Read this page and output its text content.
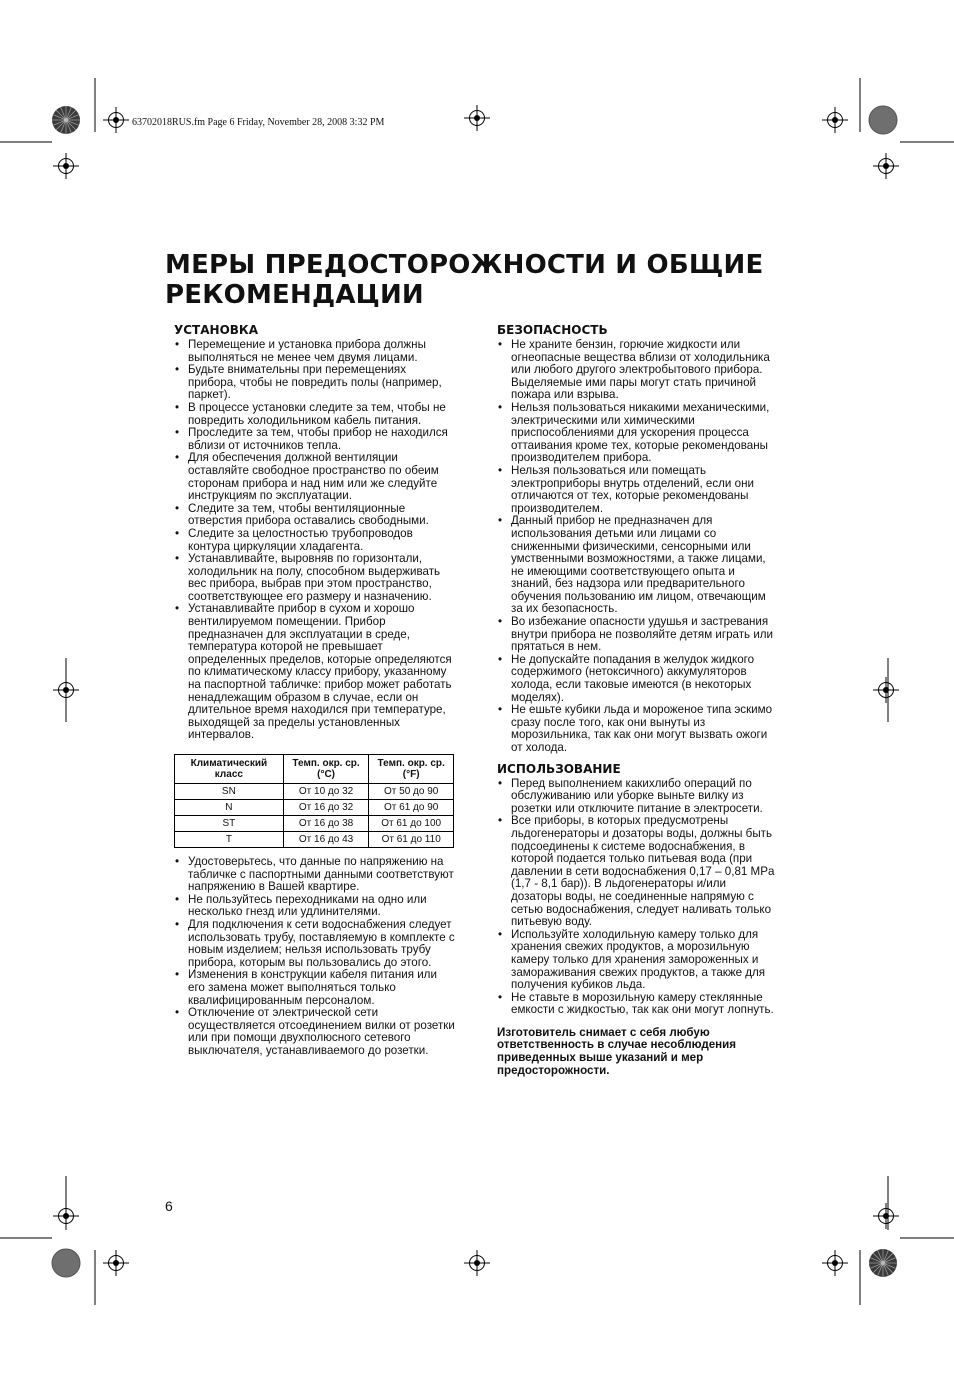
63702018RUS.fm Page 6 Friday, November 28, 2008 3:32 PM
МЕРЫ ПРЕДОСТОРОЖНОСТИ И ОБЩИЕ
РЕКОМЕНДАЦИИ
УСТАНОВКА
• Перемещение и установка прибора должны выполняться не менее чем двумя лицами.
• Будьте внимательны при перемещениях прибора, чтобы не повредить полы (например, паркет).
• В процессе установки следите за тем, чтобы не повредить холодильником кабель питания.
• Проследите за тем, чтобы прибор не находился вблизи от источников тепла.
• Для обеспечения должной вентиляции оставляйте свободное пространство по обеим сторонам прибора и над ним или же следуйте инструкциям по эксплуатации.
• Следите за тем, чтобы вентиляционные отверстия прибора оставались свободными.
• Следите за целостностью трубопроводов контура циркуляции хладагента.
• Устанавливайте, выровняв по горизонтали, холодильник на полу, способном выдерживать вес прибора, выбрав при этом пространство, соответствующее его размеру и назначению.
• Устанавливайте прибор в сухом и хорошо вентилируемом помещении. Прибор предназначен для эксплуатации в среде, температура которой не превышает определенных пределов, которые определяются по климатическому классу прибору, указанному на паспортной табличке: прибор может работать ненадлежащим образом в случае, если он длительное время находился при температуре, выходящей за пределы установленных интервалов.
Климатический класс	Темп. окр. ср. (°C)	Темп. окр. ср. (°F)
SN	От 10 до 32	От 50 до 90
N	От 16 до 32	От 61 до 90
ST	От 16 до 38	От 61 до 100
T	От 16 до 43	От 61 до 110
• Удостоверьтесь, что данные по напряжению на табличке с паспортными данными соответствуют напряжению в Вашей квартире.
• Не пользуйтесь переходниками на одно или несколько гнезд или удлинителями.
• Для подключения к сети водоснабжения следует использовать трубу, поставляемую в комплекте с новым изделием; нельзя использовать трубу прибора, которым вы пользовались до этого.
• Изменения в конструкции кабеля питания или его замена может выполняться только квалифицированным персоналом.
• Отключение от электрической сети осуществляется отсоединением вилки от розетки или при помощи двухполюсного сетевого выключателя, устанавливаемого до розетки.
БЕЗОПАСНОСТЬ
• Не храните бензин, горючие жидкости или огнеопасные вещества вблизи от холодильника или любого другого электробытового прибора. Выделяемые ими пары могут стать причиной пожара или взрыва.
• Нельзя пользоваться никакими механическими, электрическими или химическими приспособлениями для ускорения процесса оттаивания кроме тех, которые рекомендованы производителем прибора.
• Нельзя пользоваться или помещать электроприборы внутрь отделений, если они отличаются от тех, которые рекомендованы производителем.
• Данный прибор не предназначен для использования детьми или лицами со сниженными физическими, сенсорными или умственными возможностями, а также лицами, не имеющими соответствующего опыта и знаний, без надзора или предварительного обучения пользованию им лицом, отвечающим за их безопасность.
• Во избежание опасности удушья и застревания внутри прибора не позволяйте детям играть или прятаться в нем.
• Не допускайте попадания в желудок жидкого содержимого (нетоксичного) аккумуляторов холода, если таковые имеются (в некоторых моделях).
• Не ешьте кубики льда и мороженое типа эскимо сразу после того, как они вынуты из морозильника, так как они могут вызвать ожоги от холода.
ИСПОЛЬЗОВАНИЕ
• Перед выполнением какихлибо операций по обслуживанию или уборке выньте вилку из розетки или отключите питание в электросети.
• Все приборы, в которых предусмотрены льдогенераторы и дозаторы воды, должны быть подсоединены к системе водоснабжения, в которой подается только питьевая вода (при давлении в сети водоснабжения 0,17 – 0,81 MPa (1,7 - 8,1 бар)). В льдогенераторы и/или дозаторы воды, не соединенные напрямую с сетью водоснабжения, следует наливать только питьевую воду.
• Используйте холодильную камеру только для хранения свежих продуктов, а морозильную камеру только для хранения замороженных и замораживания свежих продуктов, а также для получения кубиков льда.
• Не ставьте в морозильную камеру стеклянные емкости с жидкостью, так как они могут лопнуть.

Изготовитель снимает с себя любую ответственность в случае несоблюдения приведенных выше указаний и мер предосторожности.

6
